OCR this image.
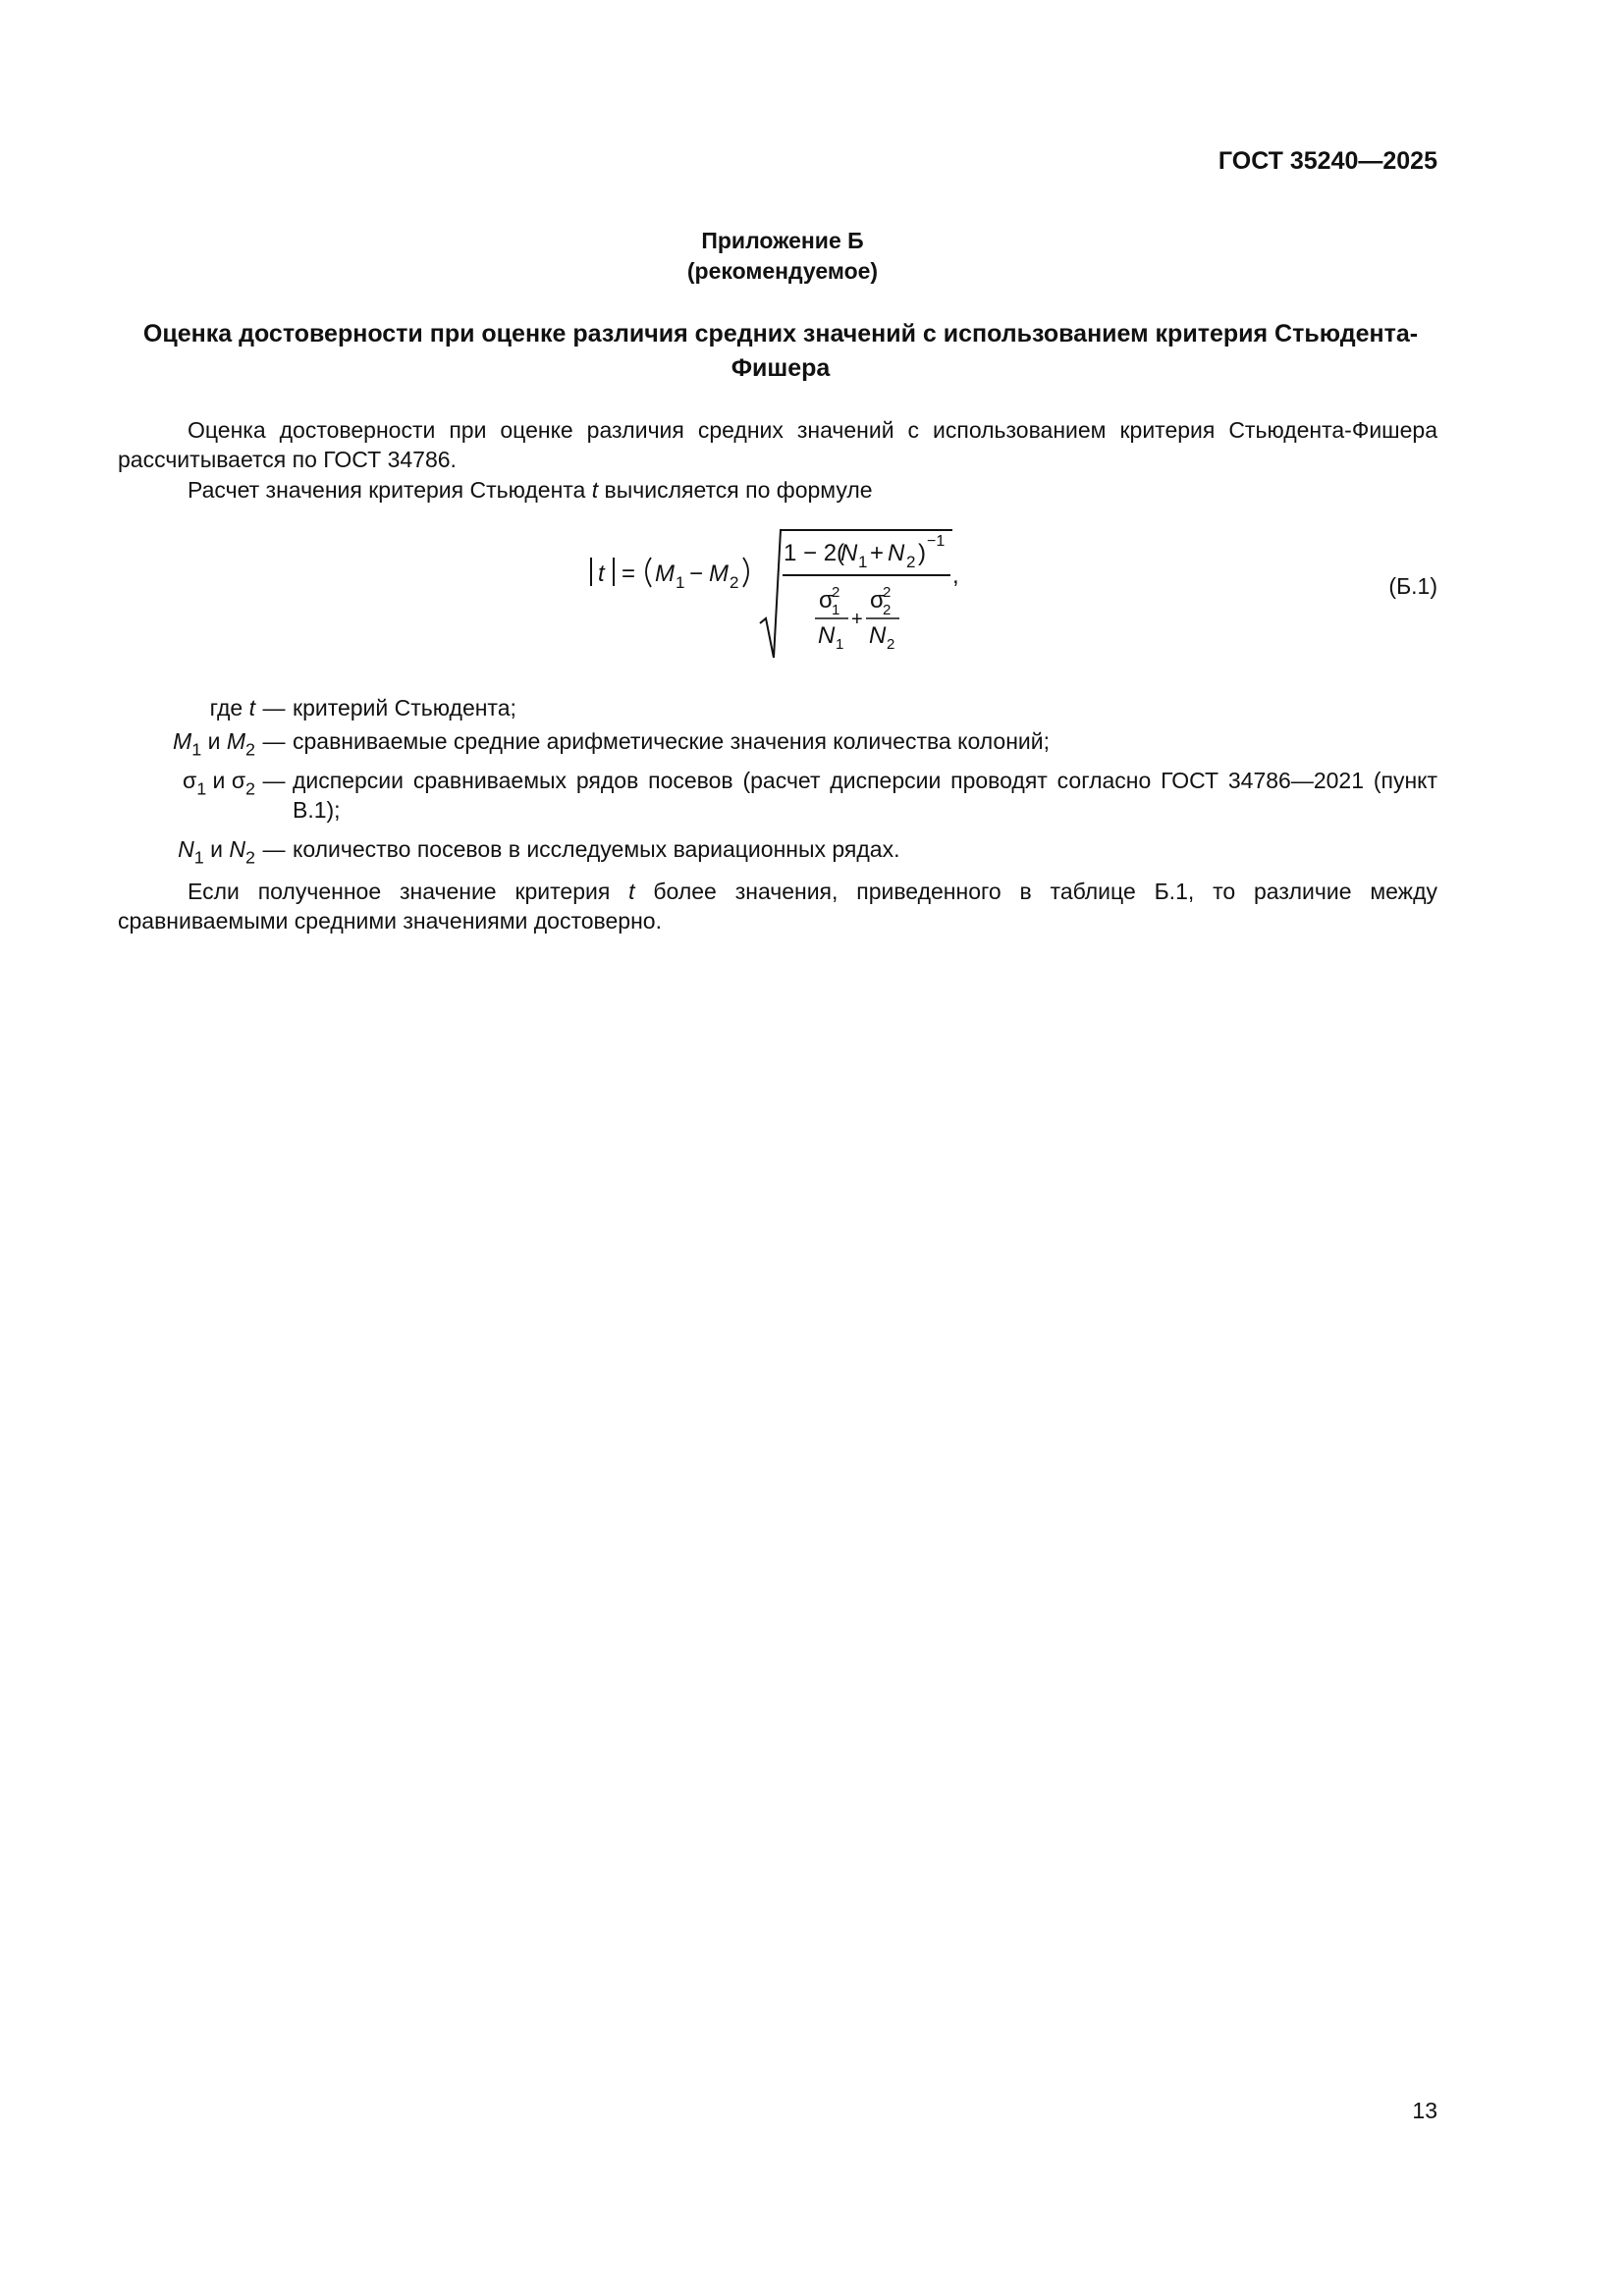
ГОСТ 35240—2025
Приложение Б
(рекомендуемое)
Оценка достоверности при оценке различия средних значений с использованием критерия Стьюдента-Фишера
Оценка достоверности при оценке различия средних значений с использованием критерия Стьюдента-Фишера рассчитывается по ГОСТ 34786.
Расчет значения критерия Стьюдента t вычисляется по формуле
t = M 1 − M 2
1 − 2(
N 1 + N 2 ) −1
,
σ
1
2
N 1
+
σ
2
2
N 2
(Б.1)
где t — критерий Стьюдента;
$M_1$ и $M_2$ — сравниваемые средние арифметические значения количества колоний;
$\sigma_1$ и $\sigma_2$ — дисперсии сравниваемых рядов посевов (расчет дисперсии проводят согласно ГОСТ 34786—2021 (пункт В.1);
$N_1$ и $N_2$ — количество посевов в исследуемых вариационных рядах.
Если полученное значение критерия t более значения, приведенного в таблице Б.1, то различие между сравниваемыми средними значениями достоверно.
13
